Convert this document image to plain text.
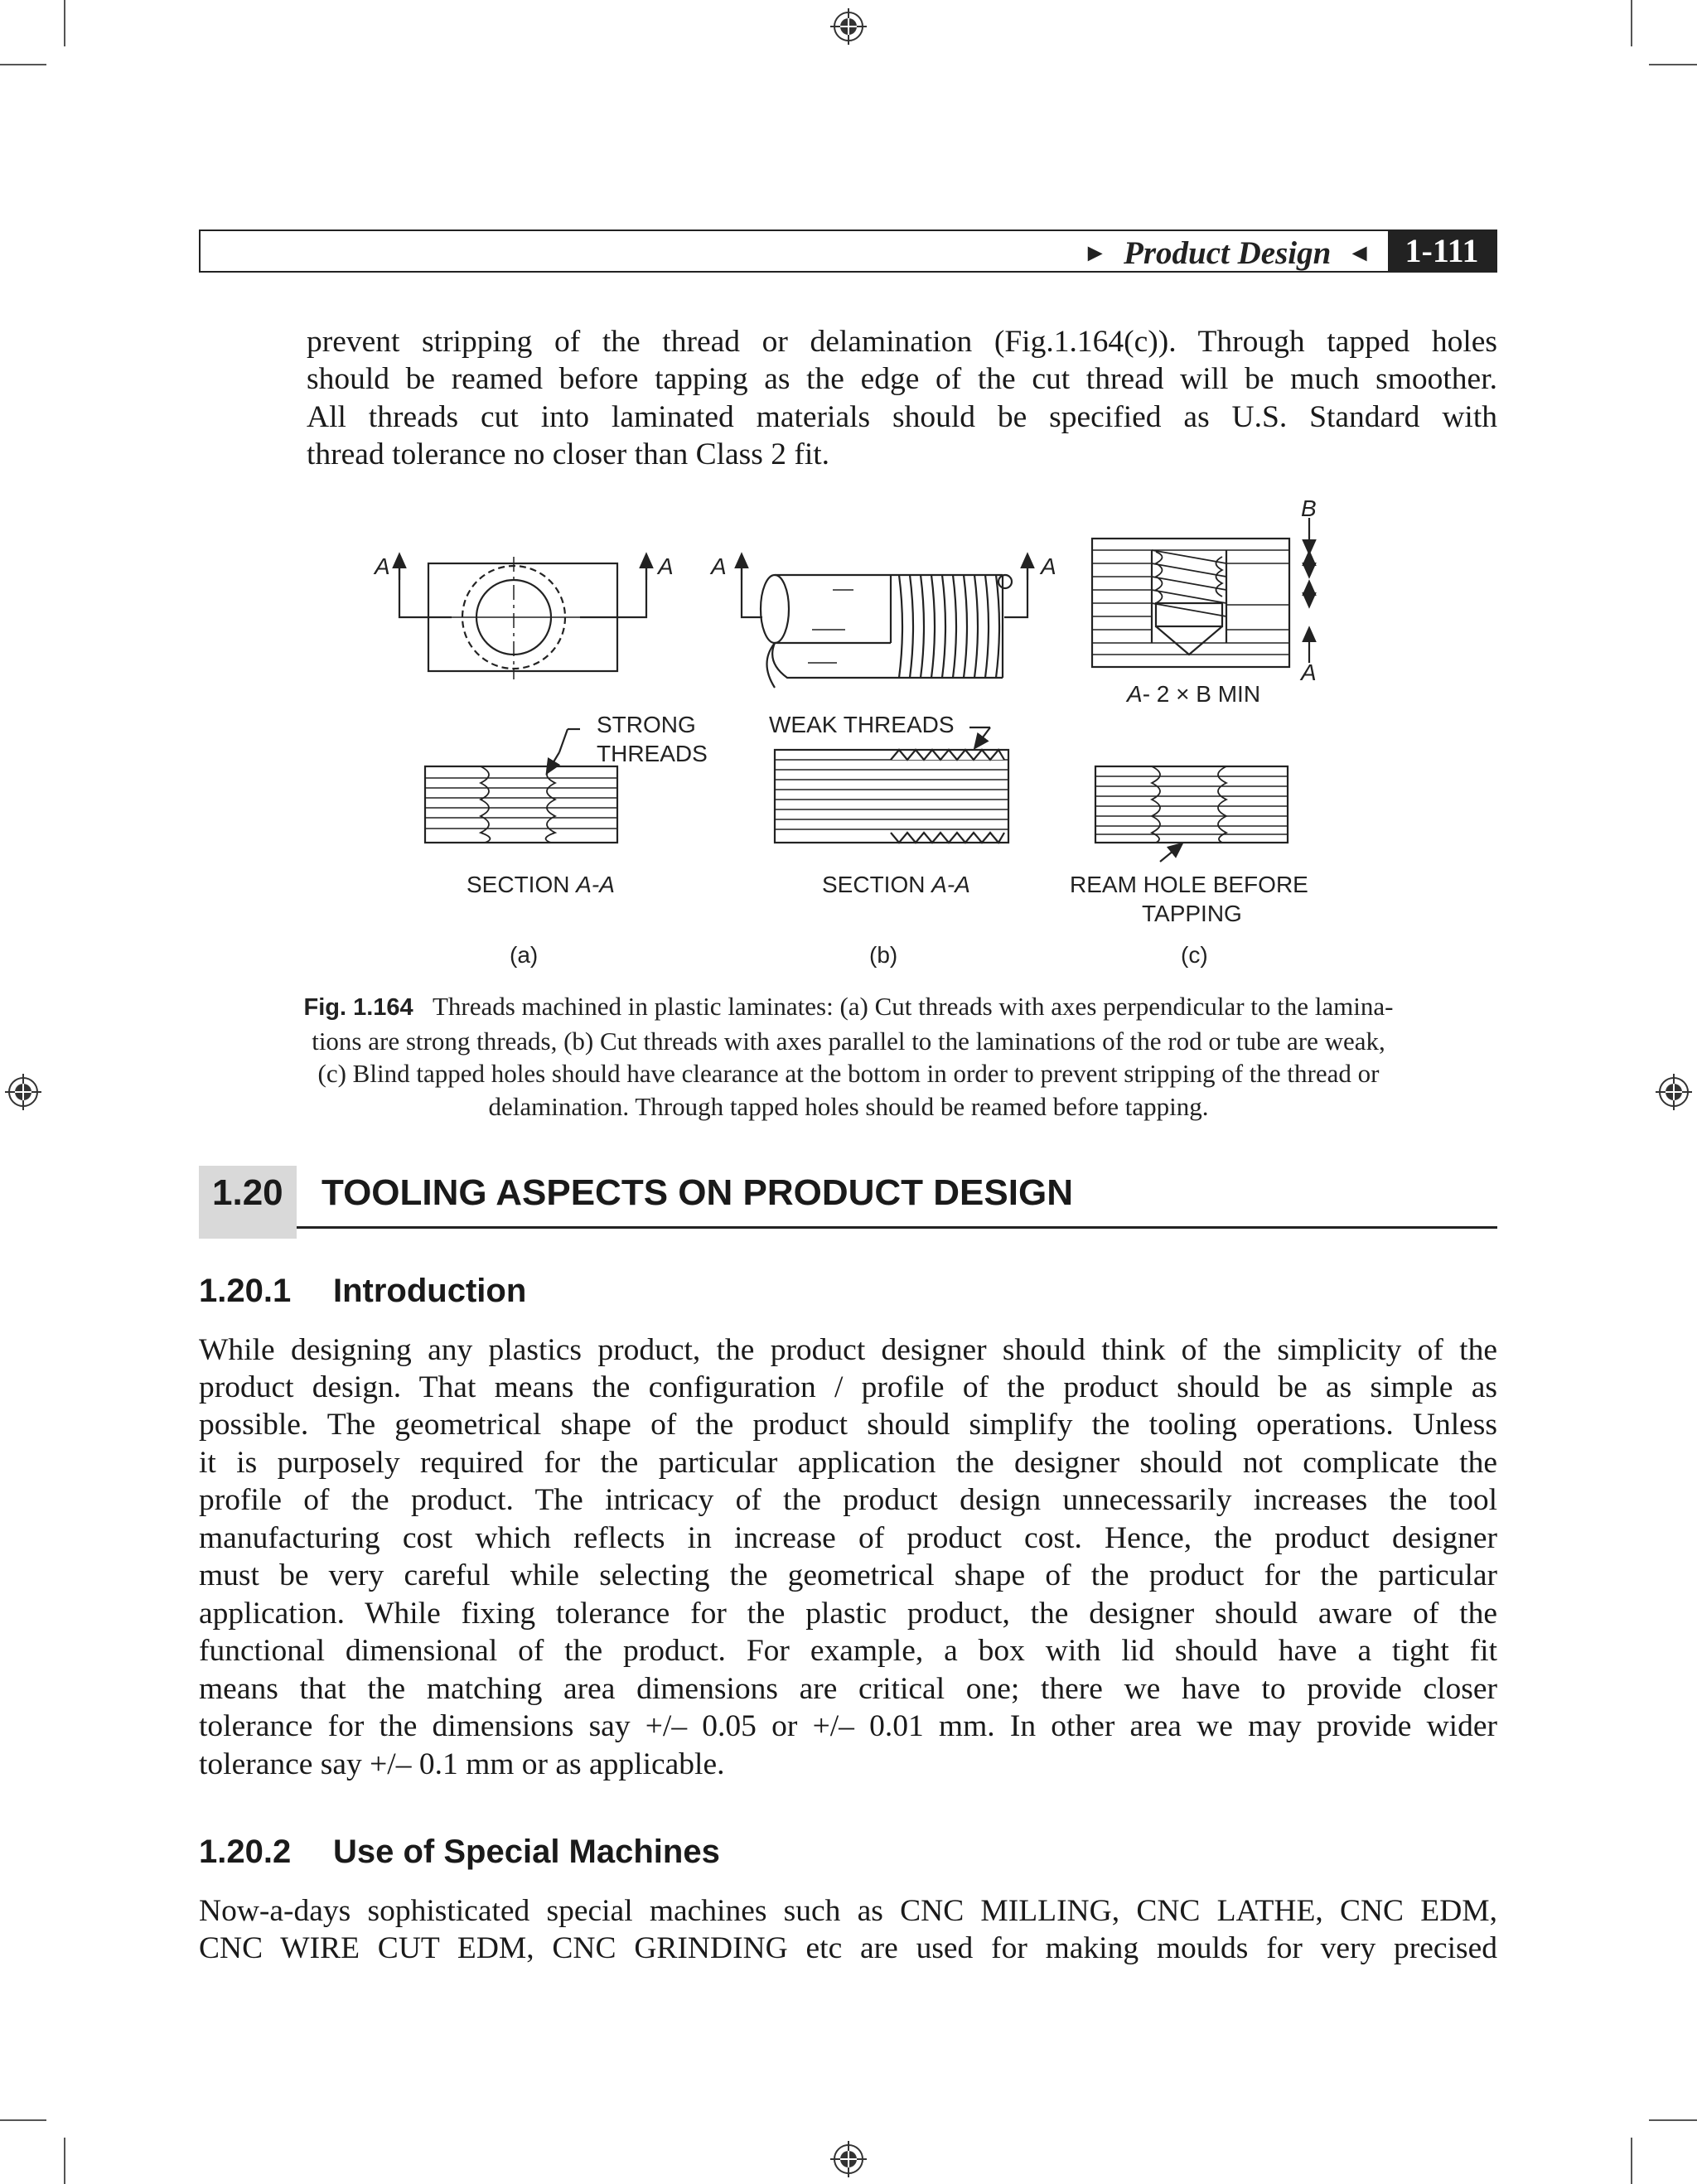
► Product Design ◄	1-111
prevent stripping of the thread or delamination (Fig.1.164(c)). Through tapped holes
should be reamed before tapping as the edge of the cut thread will be much smoother.
All threads cut into laminated materials should be specified as U.S. Standard with
thread tolerance no closer than Class 2 fit.
A	A A	A
B
A
A- 2 × B MIN
STRONG
THREADS
WEAK THREADS
SECTION A-A	SECTION A-A	REAM HOLE BEFORE
TAPPING
(a)	(b)	(c)
Fig. 1.164 Threads machined in plastic laminates: (a) Cut threads with axes perpendicular to the lamina-
tions are strong threads, (b) Cut threads with axes parallel to the laminations of the rod or tube are weak,
(c) Blind tapped holes should have clearance at the bottom in order to prevent stripping of the thread or
delamination. Through tapped holes should be reamed before tapping.
1.20 TOOLING ASPECTS ON PRODUCT DESIGN
1.20.1 Introduction
While designing any plastics product, the product designer should think of the simplicity of the
product design. That means the configuration / profile of the product should be as simple as
possible. The geometrical shape of the product should simplify the tooling operations. Unless
it is purposely required for the particular application the designer should not complicate the
profile of the product. The intricacy of the product design unnecessarily increases the tool
manufacturing cost which reflects in increase of product cost. Hence, the product designer
must be very careful while selecting the geometrical shape of the product for the particular
application. While fixing tolerance for the plastic product, the designer should aware of the
functional dimensional of the product. For example, a box with lid should have a tight fit
means that the matching area dimensions are critical one; there we have to provide closer
tolerance for the dimensions say +/– 0.05 or +/– 0.01 mm. In other area we may provide wider
tolerance say +/– 0.1 mm or as applicable.
1.20.2 Use of Special Machines
Now-a-days sophisticated special machines such as CNC MILLING, CNC LATHE, CNC EDM,
CNC WIRE CUT EDM, CNC GRINDING etc are used for making moulds for very precised
